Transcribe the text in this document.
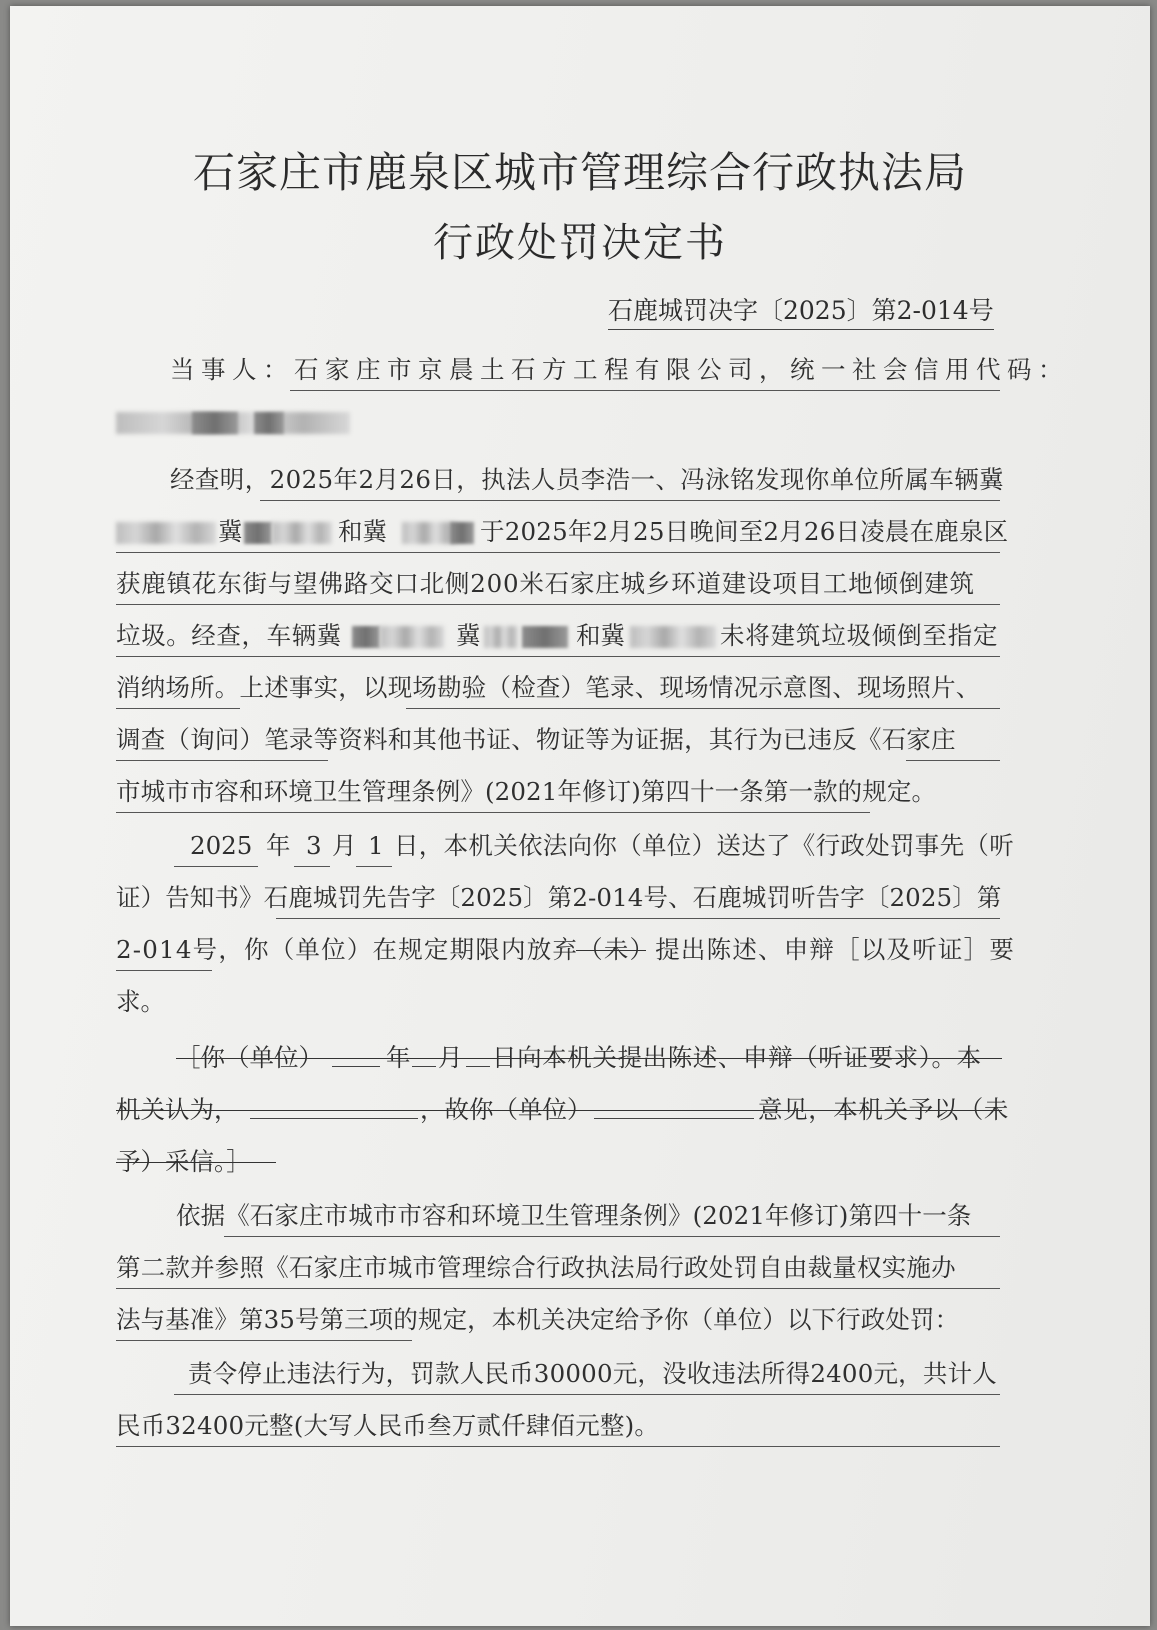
石家庄市鹿泉区城市管理综合行政执法局
行政处罚决定书
石鹿城罚决字〔2025〕第2-014号
当事人：石家庄市京晨土石方工程有限公司，统一社会信用代码：
经查明，2025年2月26日，执法人员李浩一、冯泳铭发现你单位所属车辆冀
冀	和冀	于2025年2月25日晚间至2月26日凌晨在鹿泉区
获鹿镇花东街与望佛路交口北侧200米石家庄城乡环道建设项目工地倾倒建筑
垃圾。经查，车辆冀	冀	和冀	未将建筑垃圾倾倒至指定
消纳场所。上述事实，以现场勘验（检查）笔录、现场情况示意图、现场照片、
调查（询问）笔录等资料和其他书证、物证等为证据，其行为已违反《石家庄
市城市市容和环境卫生管理条例》(2021年修订)第四十一条第一款的规定。
2025 年 3 月 1 日，本机关依法向你（单位）送达了《行政处罚事先（听
证）告知书》石鹿城罚先告字〔2025〕第2-014号、石鹿城罚听告字〔2025〕第
2-014号，你（单位）在规定期限内放弃（未）提出陈述、申辩［以及听证］要
求。
［你（单位）	年 月 日向本机关提出陈述、申辩（听证要求）。本
机关认为，	，故你（单位）	意见，本机关予以（未
予）采信。］
依据《石家庄市城市市容和环境卫生管理条例》(2021年修订)第四十一条
第二款并参照《石家庄市城市管理综合行政执法局行政处罚自由裁量权实施办
法与基准》第35号第三项的规定，本机关决定给予你（单位）以下行政处罚：
责令停止违法行为，罚款人民币30000元，没收违法所得2400元，共计人
民币32400元整(大写人民币叁万贰仟肆佰元整)。
